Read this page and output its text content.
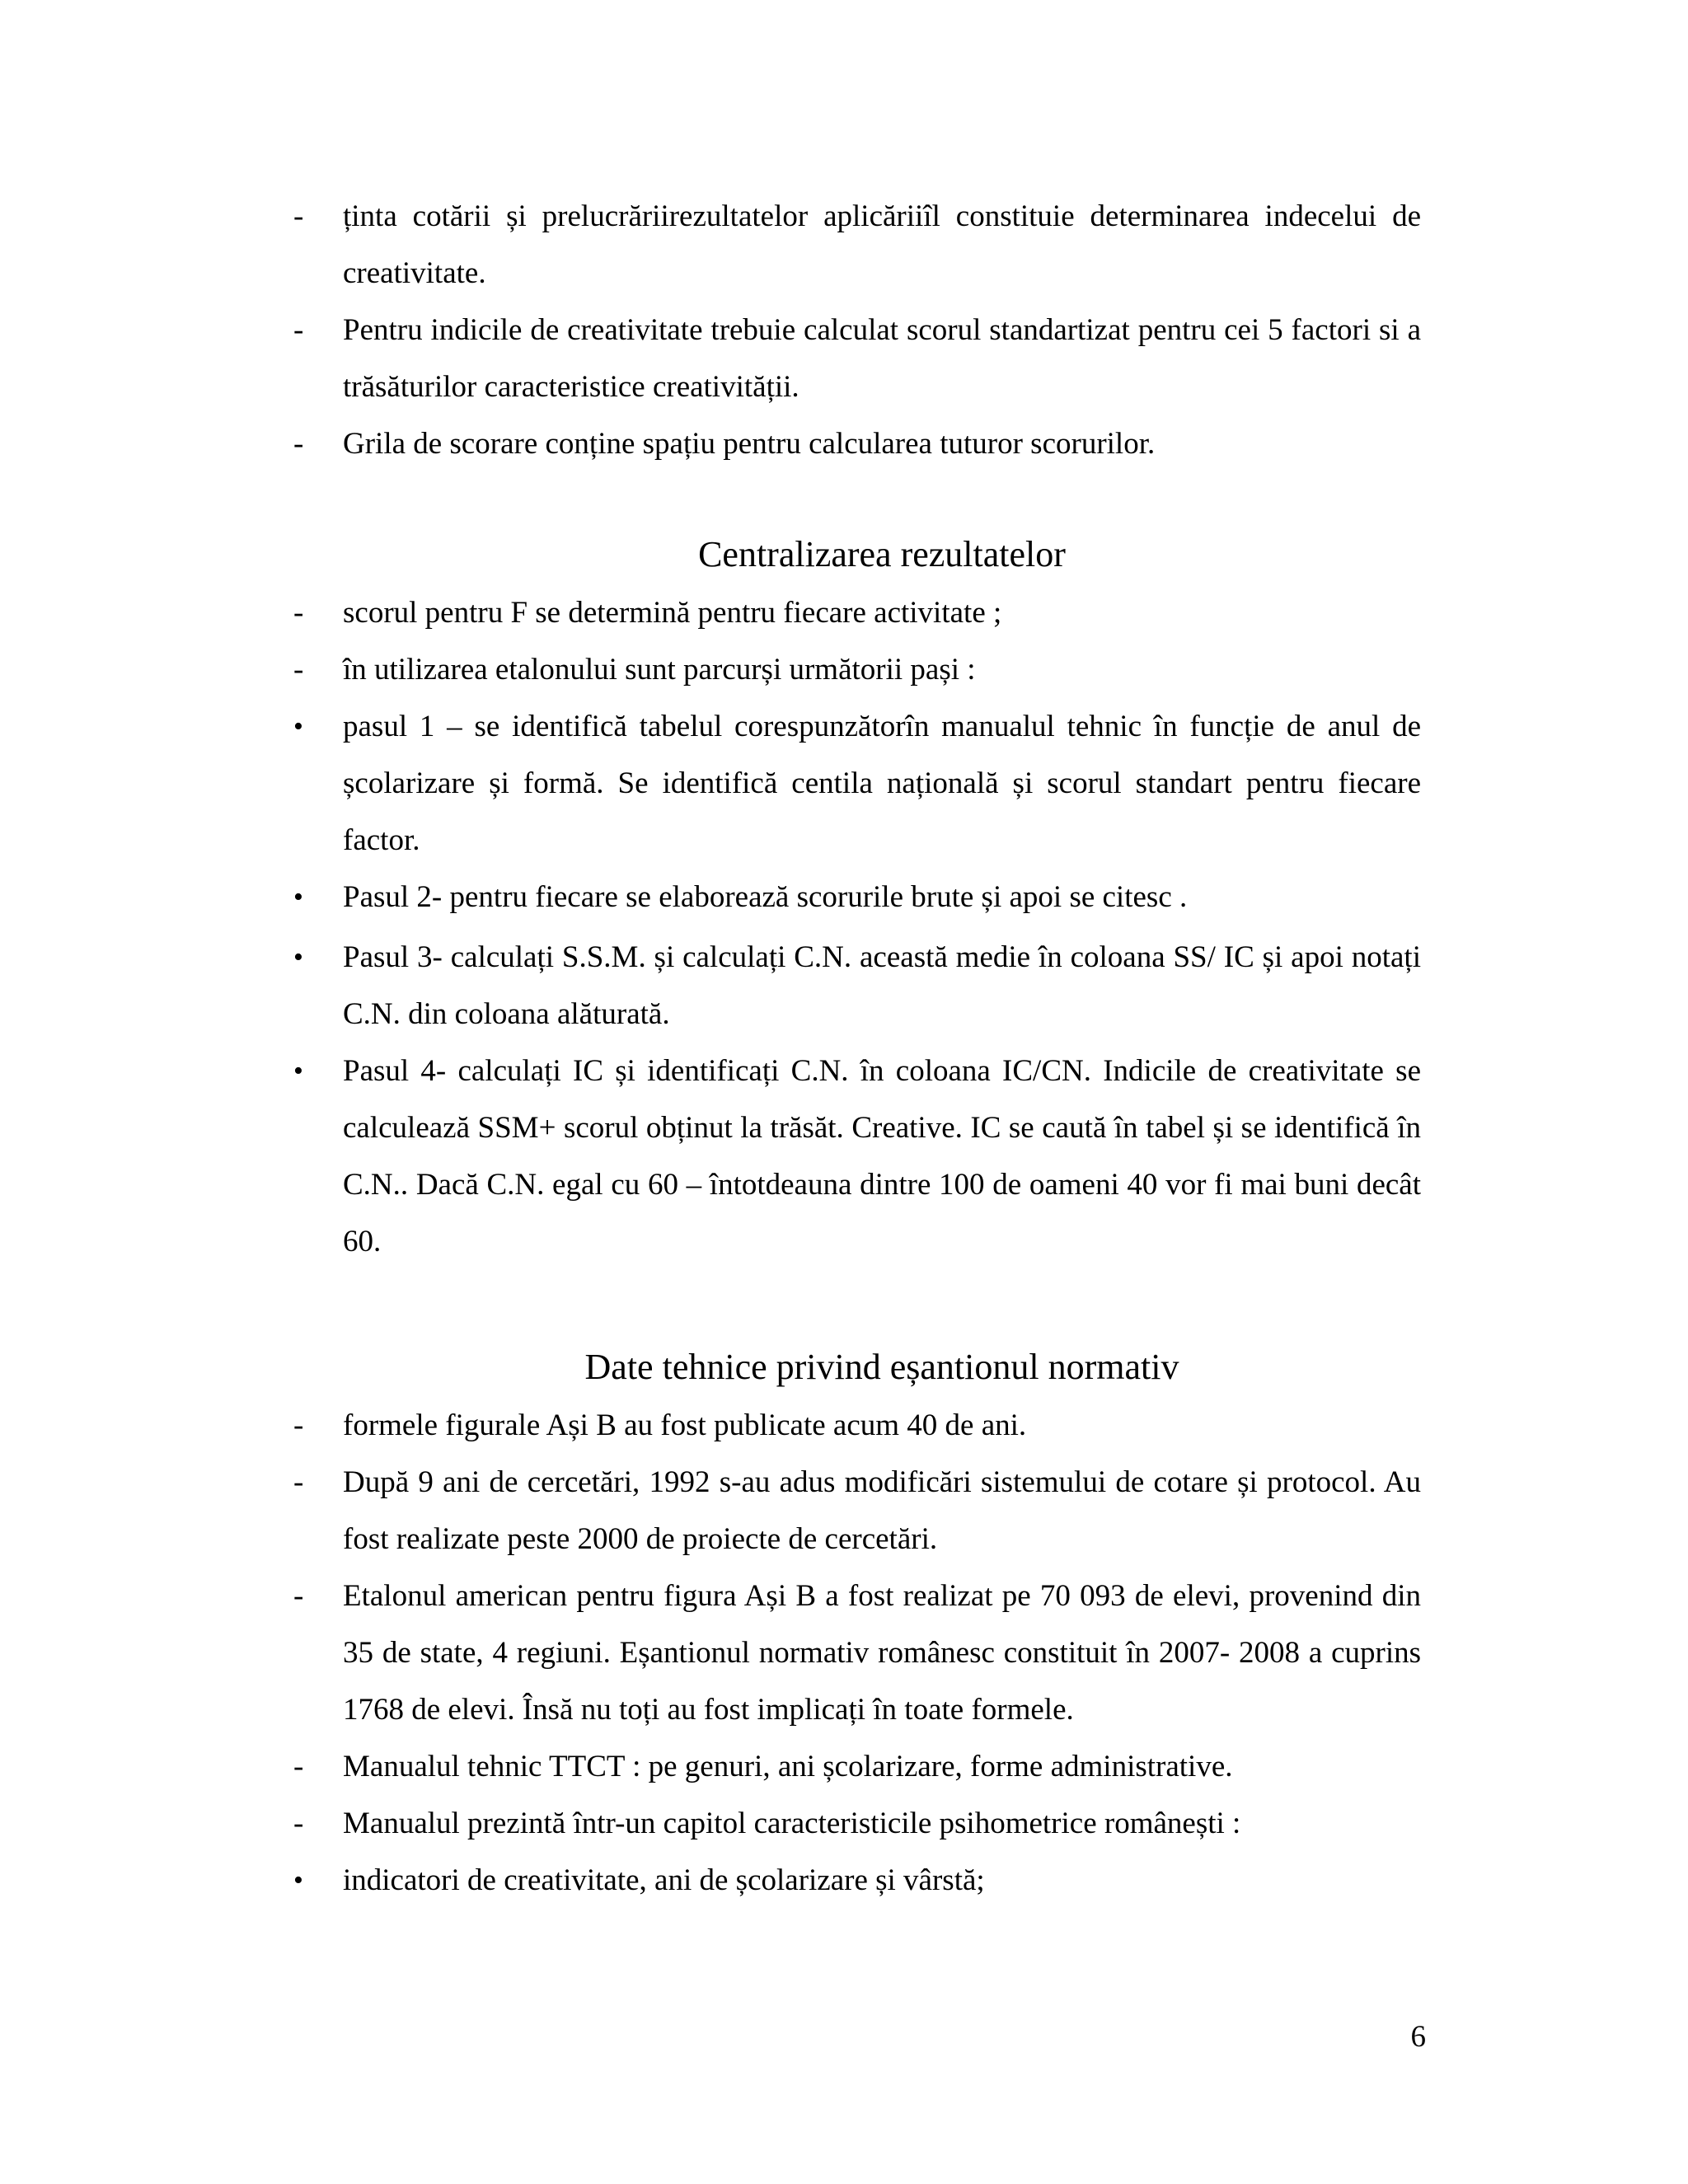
-	ținta cotării și prelucrăriirezultatelor aplicăriiîl constituie determinarea indecelui de creativitate.
-	Pentru indicile de creativitate trebuie calculat scorul standartizat pentru cei 5 factori si a trăsăturilor caracteristice creativității.
-	Grila de scorare conține spațiu pentru calcularea tuturor scorurilor.
Centralizarea rezultatelor
-	scorul pentru F se determină pentru fiecare activitate ;
-	în utilizarea etalonului sunt parcurși următorii pași :
•	pasul 1 – se identifică tabelul corespunzătorîn manualul tehnic în funcție de anul de școlarizare și formă. Se identifică centila națională și scorul standart pentru fiecare factor.
•	Pasul 2- pentru fiecare se elaborează scorurile brute și apoi se citesc .
•	Pasul 3- calculați S.S.M. și calculați C.N. această medie în coloana SS/ IC și apoi notați C.N. din coloana alăturată.
•	Pasul 4- calculați IC și identificați C.N. în coloana IC/CN. Indicile de creativitate se calculează SSM+ scorul obținut la trăsăt. Creative. IC se caută în tabel și se identifică în C.N.. Dacă C.N. egal cu 60 – întotdeauna dintre 100 de oameni 40 vor fi mai buni decât 60.
Date tehnice privind eșantionul normativ
-	formele figurale Ași B au fost publicate acum 40 de ani.
-	După 9 ani de cercetări, 1992 s-au adus modificări sistemului de cotare și protocol. Au fost realizate peste 2000 de proiecte de cercetări.
-	Etalonul american pentru figura Ași B a fost realizat pe 70 093 de elevi, provenind din 35 de state, 4 regiuni. Eșantionul normativ românesc constituit în 2007- 2008 a cuprins 1768 de elevi. Însă nu toți au fost implicați în toate formele.
-	Manualul tehnic TTCT : pe genuri, ani școlarizare, forme administrative.
-	Manualul prezintă într-un capitol caracteristicile psihometrice românești :
•	indicatori de creativitate, ani de școlarizare și vârstă;
6
